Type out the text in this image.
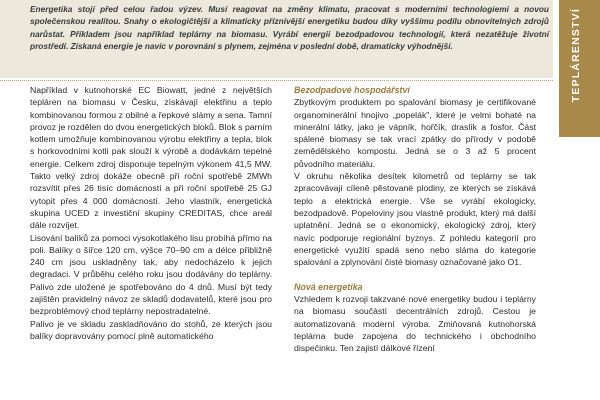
Energetika stojí před celou řadou výzev. Musí reagovat na změny klimatu, pracovat s moderními technologiemi a novou společenskou realitou. Snahy o ekologičtější a klimaticky příznivější energetiku budou díky vyššímu podílu obnovitelných zdrojů narůstat. Příkladem jsou například teplárny na biomasu. Vyrábí energii bezodpadovou technologií, která nezatěžuje životní prostředí. Získaná energie je navíc v porovnání s plynem, zejména v poslední době, dramaticky výhodnější.	TEPLÁRENSTVÍ

Například v kutnohorské EC Biowatt, jedné z největších tepláren na biomasu v Česku, získávají elektřinu a teplo kombinovanou formou z obilné a řepkové slámy a sena. Tamní provoz je rozdělen do dvou energetických bloků. Blok s parním kotlem umožňuje kombinovanou výrobu elektřiny a tepla, blok s horkovodními kotli pak slouží k výrobě a dodávkám tepelné energie. Celkem zdroj disponuje tepelným výkonem 41,5 MW. Takto velký zdroj dokáže obecně při roční spotřebě 2MWh rozsvítit přes 26 tisíc domácností a při roční spotřebě 25 GJ vytopit přes 4 000 domácností. Jeho vlastník, energetická skupina UCED z investiční skupiny CREDITAS, chce areál dále rozvíjet.

Lisování balíků za pomoci vysokotlakého lisu probíhá přímo na poli. Balíky o šířce 120 cm, výšce 70–90 cm a délce přibližně 240 cm jsou uskladněny tak, aby nedocházelo k jejich degradaci. V průběhu celého roku jsou dodávány do teplárny. Palivo zde uložené je spotřebováno do 4 dnů. Musí být tedy zajištěn pravidelný návoz ze skladů dodavatelů, které jsou pro bezproblémový chod teplárny nepostradatelné.

Palivo je ve skladu zaskladňováno do stohů, ze kterých jsou balíky dopravovány pomocí plně automatického

Bezodpadové hospodářství

Zbytkovým produktem po spalování biomasy je certifikované organominerální hnojivo „popelák", které je velmi bohaté na minerální látky, jako je vápník, hořčík, draslík a fosfor. Část spálené biomasy se tak vrací zpátky do přírody v podobě zemědělského kompostu. Jedná se o 3 až 5 procent původního materiálu.

V okruhu několika desítek kilometrů od teplárny se tak zpracovávají cíleně pěstované plodiny, ze kterých se získává teplo a elektrická energie. Vše se vyrábí ekologicky, bezodpadově. Popeloviny jsou vlastně produkt, který má další uplatnění. Jedná se o ekonomický, ekologický zdroj, který navíc podporuje regionální byznys. Z pohledu kategorií pro energetické využití spadá seno nebo sláma do kategorie spalování a zplynování čisté biomasy označované jako O1.

Nová energetika

Vzhledem k rozvoji takzvané nové energetiky budou i teplárny na biomasu součástí decentrálních zdrojů. Cestou je automatizovaná moderní výroba. Zmiňovaná kutnohorská teplárna bude zapojena do technického i obchodního dispečinku. Ten zajistí dálkové řízení
